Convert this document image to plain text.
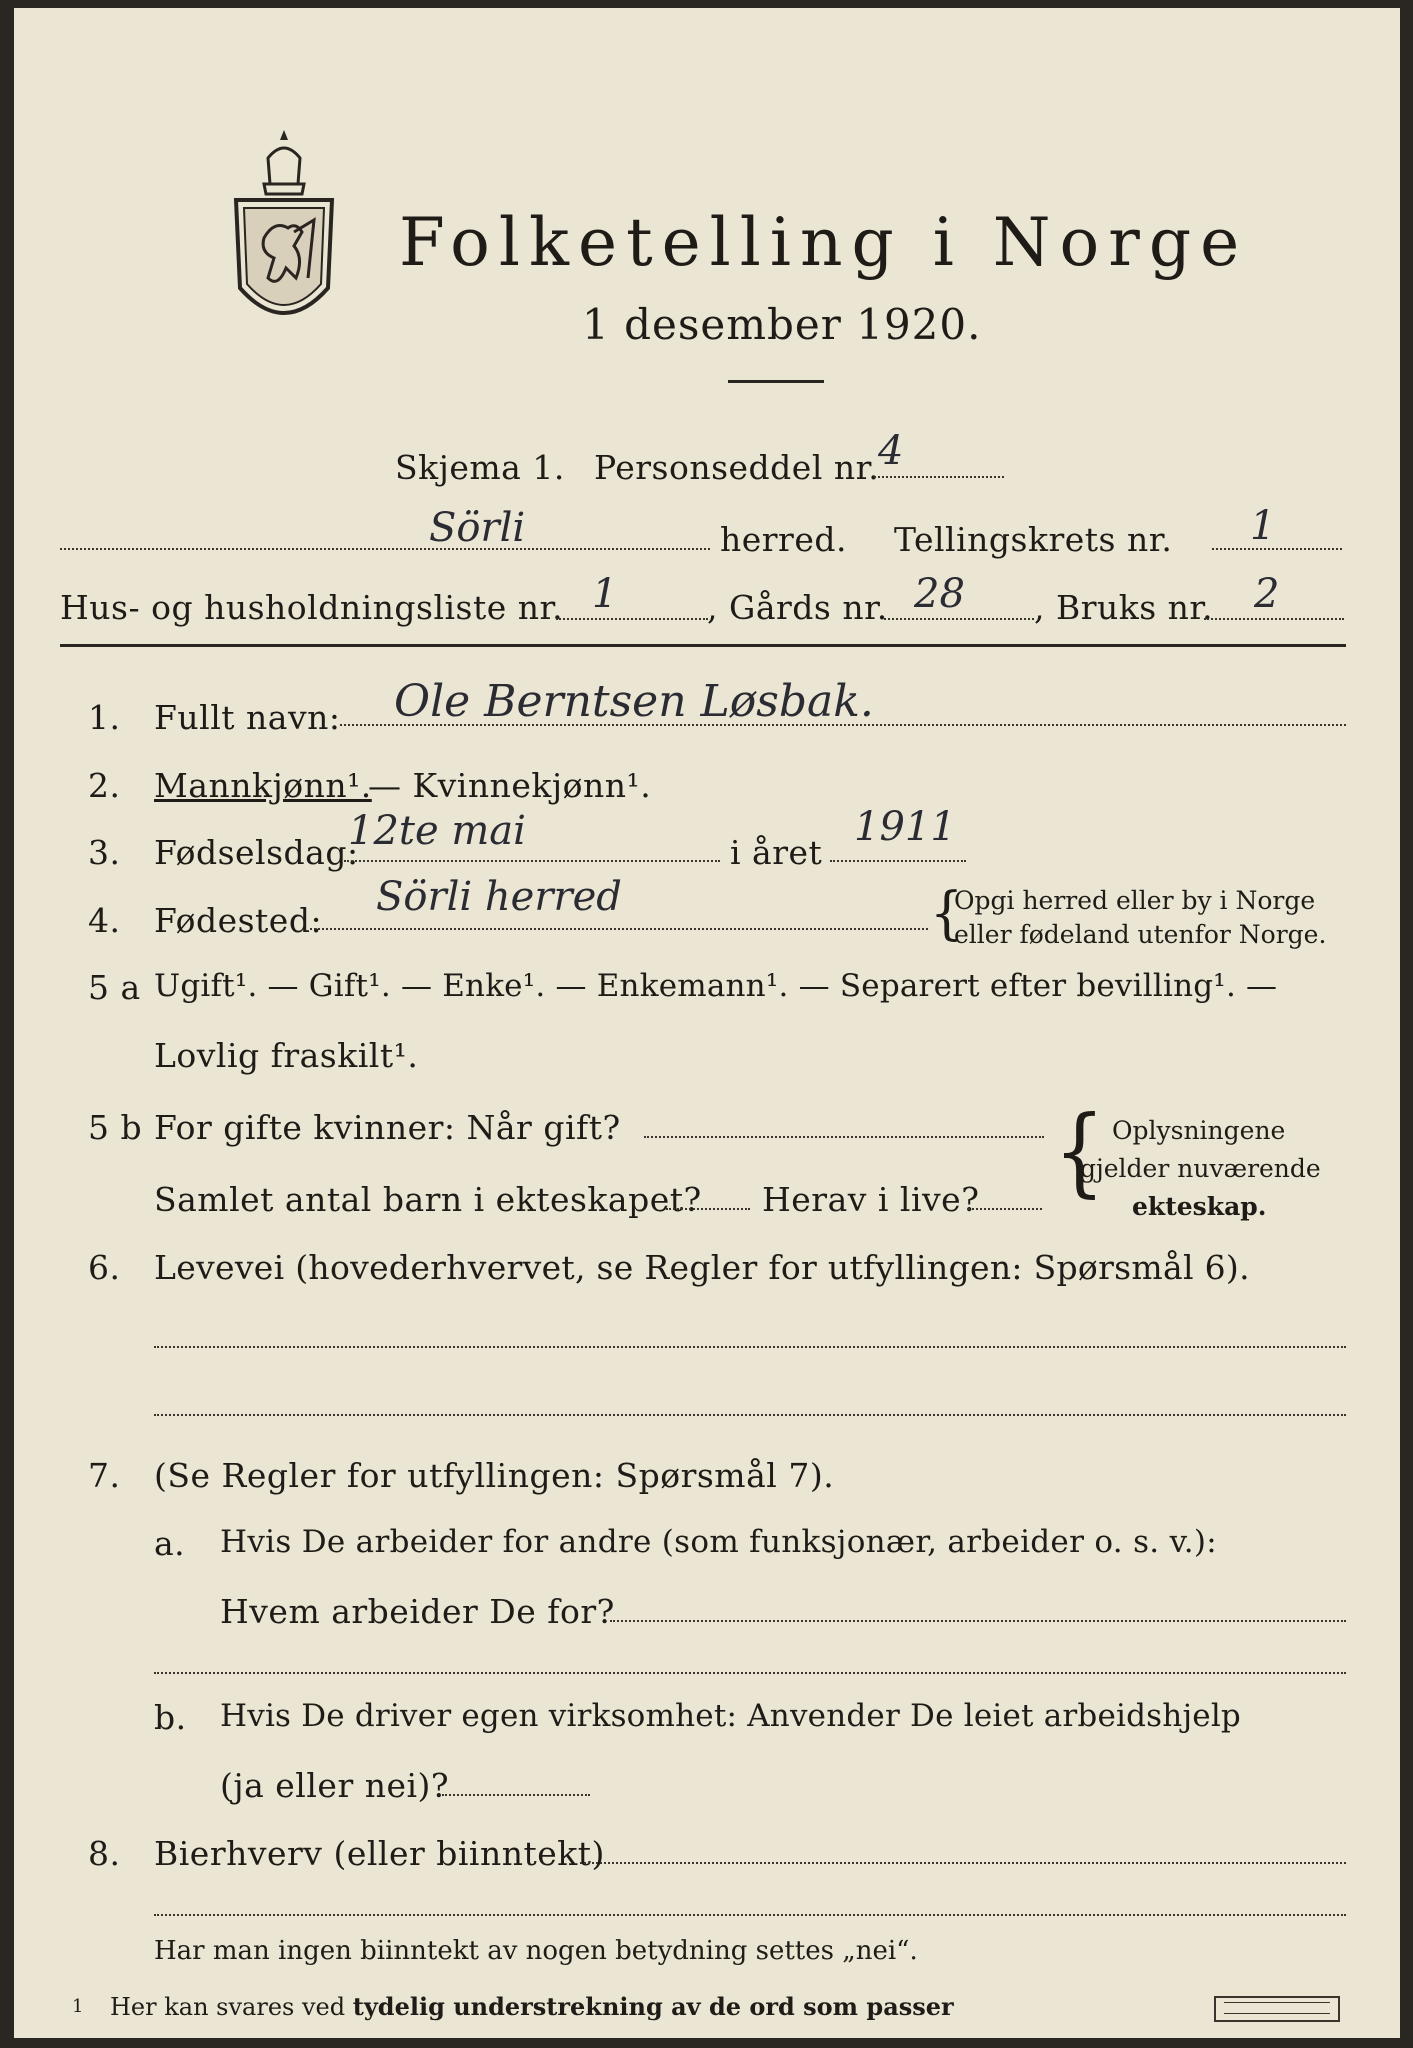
Folketelling i Norge
1 desember 1920.
Skjema 1. Personseddel nr.
4
Sörli	herred. Tellingskrets nr. 1
Hus- og husholdningsliste nr. 1	, Gårds nr. 28 , Bruks nr. 2
1. Fullt navn: Ole Berntsen Løsbak.
2. Mannkjønn¹.
— Kvinnekjønn¹.
3. Fødselsdag:
12te mai	i året
1911
4. Fødested:
Sörli herred	{
Opgi herred eller by i Norge
eller fødeland utenfor Norge.
5 a Ugift¹. — Gift¹. — Enke¹. — Enkemann¹. — Separert efter bevilling¹. —
Lovlig fraskilt¹.
5 b For gifte kvinner: Når gift?
Samlet antal barn i ekteskapet? Herav i live? { Oplysningene
gjelder nuværende
ekteskap.
6. Levevei (hovederhvervet, se Regler for utfyllingen: Spørsmål 6).
7. (Se Regler for utfyllingen: Spørsmål 7).
a. Hvis De arbeider for andre (som funksjonær, arbeider o. s. v.):
Hvem arbeider De for?
b. Hvis De driver egen virksomhet: Anvender De leiet arbeidshjelp
(ja eller nei)?
8. Bierhverv (eller biinntekt)
Har man ingen biinntekt av nogen betydning settes „nei“.
1 Her kan svares ved tydelig understrekning av de ord som passer
